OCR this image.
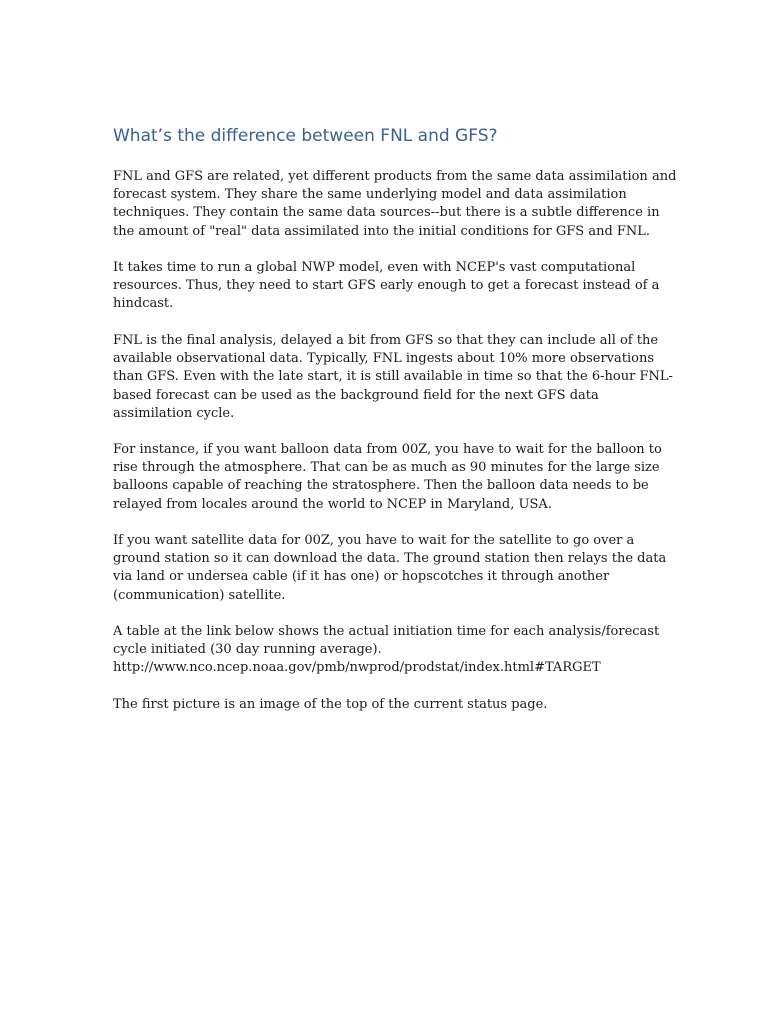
What’s the difference between FNL and GFS?

FNL and GFS are related, yet different products from the same data assimilation and
forecast system. They share the same underlying model and data assimilation
techniques. They contain the same data sources--but there is a subtle difference in
the amount of "real" data assimilated into the initial conditions for GFS and FNL.

It takes time to run a global NWP model, even with NCEP's vast computational
resources. Thus, they need to start GFS early enough to get a forecast instead of a
hindcast.

FNL is the final analysis, delayed a bit from GFS so that they can include all of the
available observational data. Typically, FNL ingests about 10% more observations
than GFS. Even with the late start, it is still available in time so that the 6-hour FNL-
based forecast can be used as the background field for the next GFS data
assimilation cycle.

For instance, if you want balloon data from 00Z, you have to wait for the balloon to
rise through the atmosphere. That can be as much as 90 minutes for the large size
balloons capable of reaching the stratosphere. Then the balloon data needs to be
relayed from locales around the world to NCEP in Maryland, USA.

If you want satellite data for 00Z, you have to wait for the satellite to go over a
ground station so it can download the data. The ground station then relays the data
via land or undersea cable (if it has one) or hopscotches it through another
(communication) satellite.

A table at the link below shows the actual initiation time for each analysis/forecast
cycle initiated (30 day running average).
http://www.nco.ncep.noaa.gov/pmb/nwprod/prodstat/index.html#TARGET

The first picture is an image of the top of the current status page.
